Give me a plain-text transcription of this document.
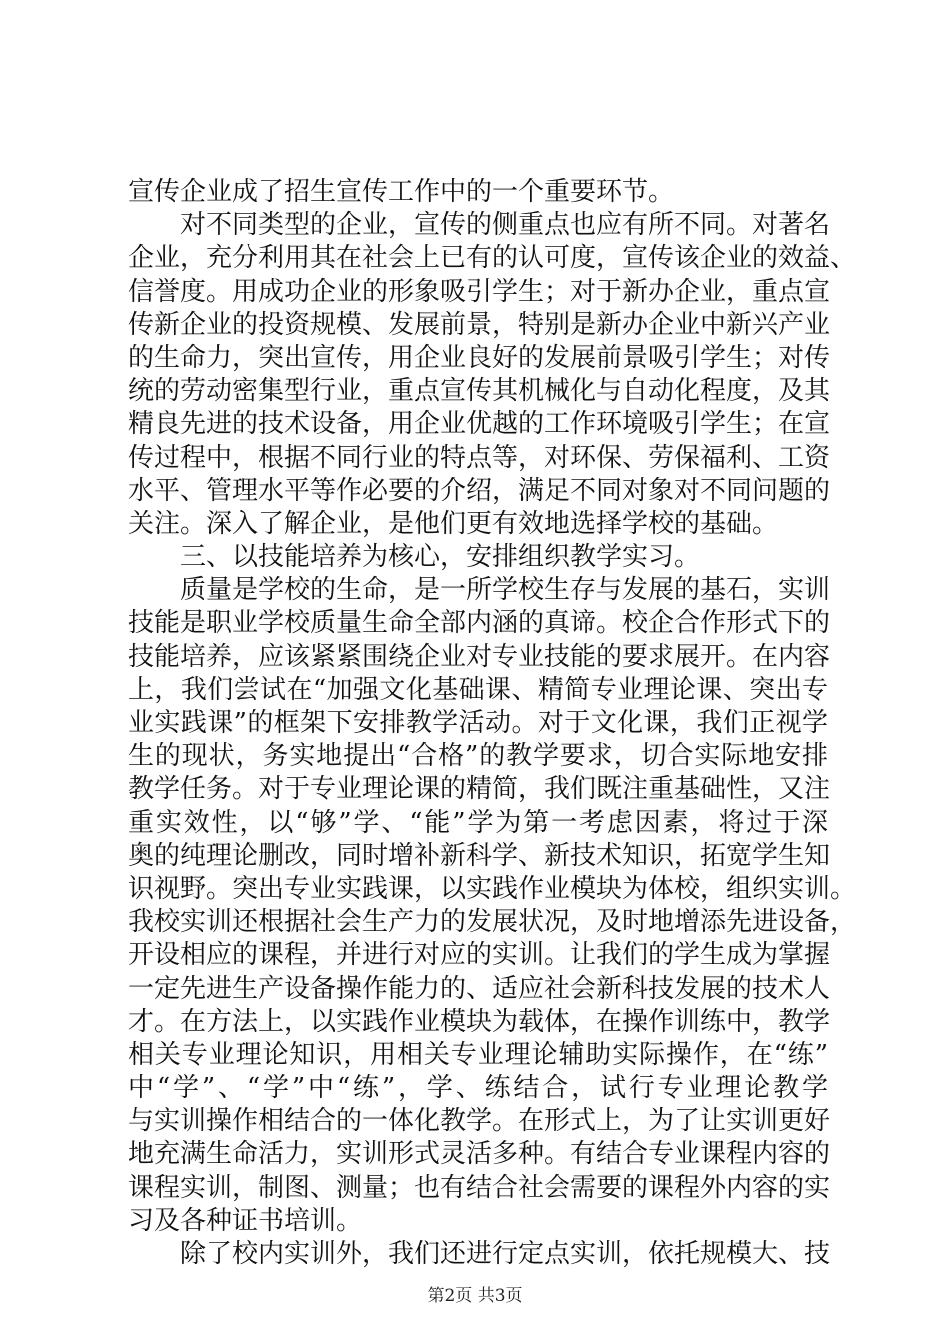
宣传企业成了招生宣传工作中的一个重要环节。
对不同类型的企业，宣传的侧重点也应有所不同。对著名
企业，充分利用其在社会上已有的认可度，宣传该企业的效益、
信誉度。用成功企业的形象吸引学生；对于新办企业，重点宣
传新企业的投资规模、发展前景，特别是新办企业中新兴产业
的生命力，突出宣传，用企业良好的发展前景吸引学生；对传
统的劳动密集型行业，重点宣传其机械化与自动化程度，及其
精良先进的技术设备，用企业优越的工作环境吸引学生；在宣
传过程中，根据不同行业的特点等，对环保、劳保福利、工资
水平、管理水平等作必要的介绍，满足不同对象对不同问题的
关注。深入了解企业，是他们更有效地选择学校的基础。
三、以技能培养为核心，安排组织教学实习。
质量是学校的生命，是一所学校生存与发展的基石，实训
技能是职业学校质量生命全部内涵的真谛。校企合作形式下的
技能培养，应该紧紧围绕企业对专业技能的要求展开。在内容
上，我们尝试在“加强文化基础课、精简专业理论课、突出专
业实践课”的框架下安排教学活动。对于文化课，我们正视学
生的现状，务实地提出“合格”的教学要求，切合实际地安排
教学任务。对于专业理论课的精简，我们既注重基础性，又注
重实效性，以“够”学、“能”学为第一考虑因素，将过于深
奥的纯理论删改，同时增补新科学、新技术知识，拓宽学生知
识视野。突出专业实践课，以实践作业模块为体校，组织实训。
我校实训还根据社会生产力的发展状况，及时地增添先进设备，
开设相应的课程，并进行对应的实训。让我们的学生成为掌握
一定先进生产设备操作能力的、适应社会新科技发展的技术人
才。在方法上，以实践作业模块为载体，在操作训练中，教学
相关专业理论知识，用相关专业理论辅助实际操作，在“练”
中“学”、“学”中“练”，学、练结合，试行专业理论教学
与实训操作相结合的一体化教学。在形式上，为了让实训更好
地充满生命活力，实训形式灵活多种。有结合专业课程内容的
课程实训，制图、测量；也有结合社会需要的课程外内容的实
习及各种证书培训。
除了校内实训外，我们还进行定点实训，依托规模大、技
第2页 共3页
